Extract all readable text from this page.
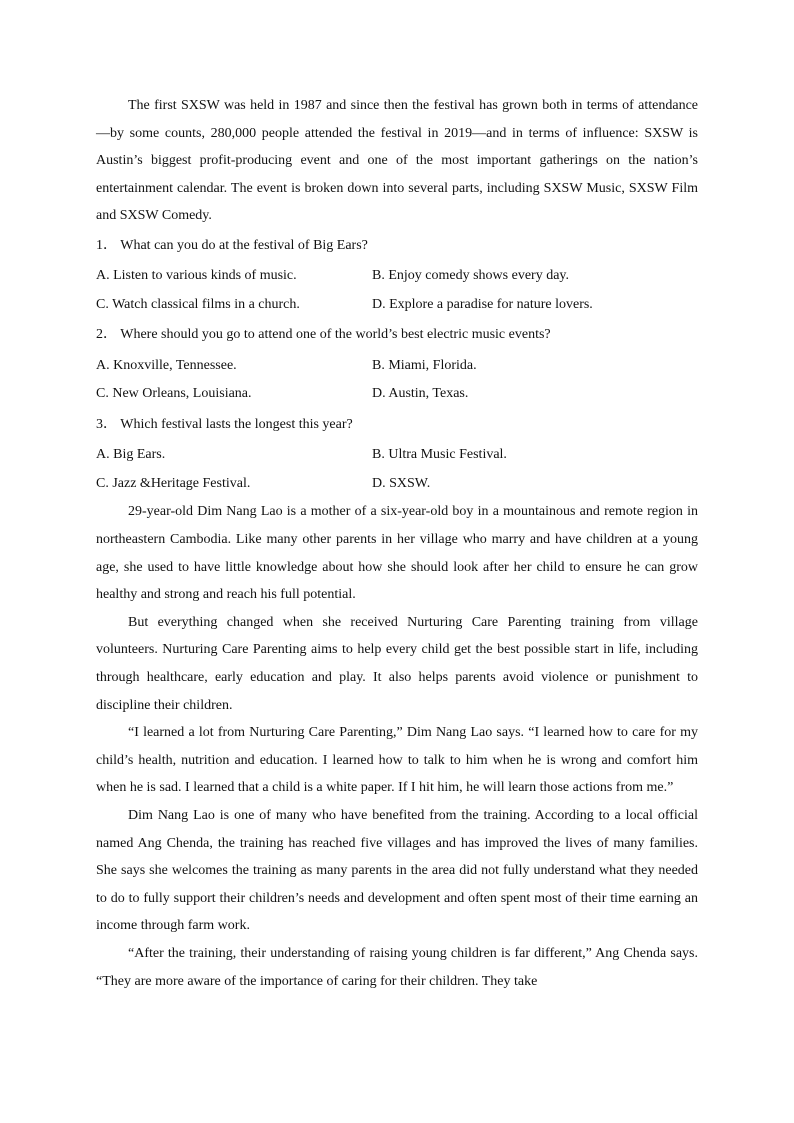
The first SXSW was held in 1987 and since then the festival has grown both in terms of attendance —by some counts, 280,000 people attended the festival in 2019—and in terms of influence: SXSW is Austin’s biggest profit-producing event and one of the most important gatherings on the nation’s entertainment calendar. The event is broken down into several parts, including SXSW Music, SXSW Film and SXSW Comedy.

1． What can you do at the festival of Big Ears?
A. Listen to various kinds of music.	B. Enjoy comedy shows every day.
C. Watch classical films in a church.	D. Explore a paradise for nature lovers.
2． Where should you go to attend one of the world’s best electric music events?
A. Knoxville, Tennessee.	B. Miami, Florida.
C. New Orleans, Louisiana.	D. Austin, Texas.
3． Which festival lasts the longest this year?
A. Big Ears.	B. Ultra Music Festival.
C. Jazz &Heritage Festival.	D. SXSW.

29-year-old Dim Nang Lao is a mother of a six-year-old boy in a mountainous and remote region in northeastern Cambodia. Like many other parents in her village who marry and have children at a young age, she used to have little knowledge about how she should look after her child to ensure he can grow healthy and strong and reach his full potential.

But everything changed when she received Nurturing Care Parenting training from village volunteers. Nurturing Care Parenting aims to help every child get the best possible start in life, including through healthcare, early education and play. It also helps parents avoid violence or punishment to discipline their children.

“I learned a lot from Nurturing Care Parenting,” Dim Nang Lao says. “I learned how to care for my child’s health, nutrition and education. I learned how to talk to him when he is wrong and comfort him when he is sad. I learned that a child is a white paper. If I hit him, he will learn those actions from me.”

Dim Nang Lao is one of many who have benefited from the training. According to a local official named Ang Chenda, the training has reached five villages and has improved the lives of many families. She says she welcomes the training as many parents in the area did not fully understand what they needed to do to fully support their children’s needs and development and often spent most of their time earning an income through farm work.

“After the training, their understanding of raising young children is far different,” Ang Chenda says. “They are more aware of the importance of caring for their children. They take
